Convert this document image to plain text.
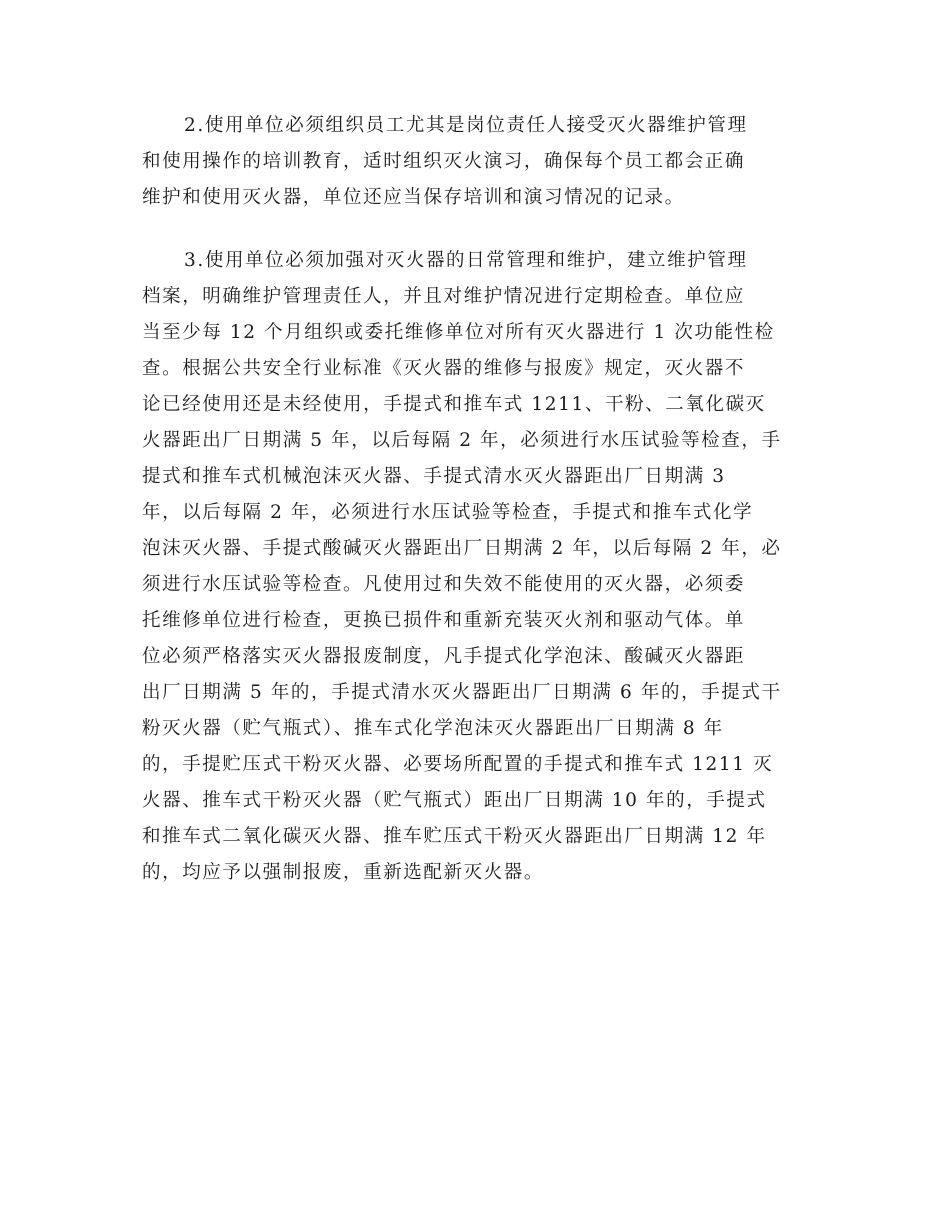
2.使用单位必须组织员工尤其是岗位责任人接受灭火器维护管理
和使用操作的培训教育，适时组织灭火演习，确保每个员工都会正确
维护和使用灭火器，单位还应当保存培训和演习情况的记录。

3.使用单位必须加强对灭火器的日常管理和维护，建立维护管理
档案，明确维护管理责任人，并且对维护情况进行定期检查。单位应
当至少每 12 个月组织或委托维修单位对所有灭火器进行 1 次功能性检
查。根据公共安全行业标准《灭火器的维修与报废》规定，灭火器不
论已经使用还是未经使用，手提式和推车式 1211、干粉、二氧化碳灭
火器距出厂日期满 5 年，以后每隔 2 年，必须进行水压试验等检查，手
提式和推车式机械泡沫灭火器、手提式清水灭火器距出厂日期满 3
年，以后每隔 2 年，必须进行水压试验等检查，手提式和推车式化学
泡沫灭火器、手提式酸碱灭火器距出厂日期满 2 年，以后每隔 2 年，必
须进行水压试验等检查。凡使用过和失效不能使用的灭火器，必须委
托维修单位进行检查，更换已损件和重新充装灭火剂和驱动气体。单
位必须严格落实灭火器报废制度，凡手提式化学泡沫、酸碱灭火器距
出厂日期满 5 年的，手提式清水灭火器距出厂日期满 6 年的，手提式干
粉灭火器（贮气瓶式）、推车式化学泡沫灭火器距出厂日期满 8 年
的，手提贮压式干粉灭火器、必要场所配置的手提式和推车式 1211 灭
火器、推车式干粉灭火器（贮气瓶式）距出厂日期满 10 年的，手提式
和推车式二氧化碳灭火器、推车贮压式干粉灭火器距出厂日期满 12 年
的，均应予以强制报废，重新选配新灭火器。
